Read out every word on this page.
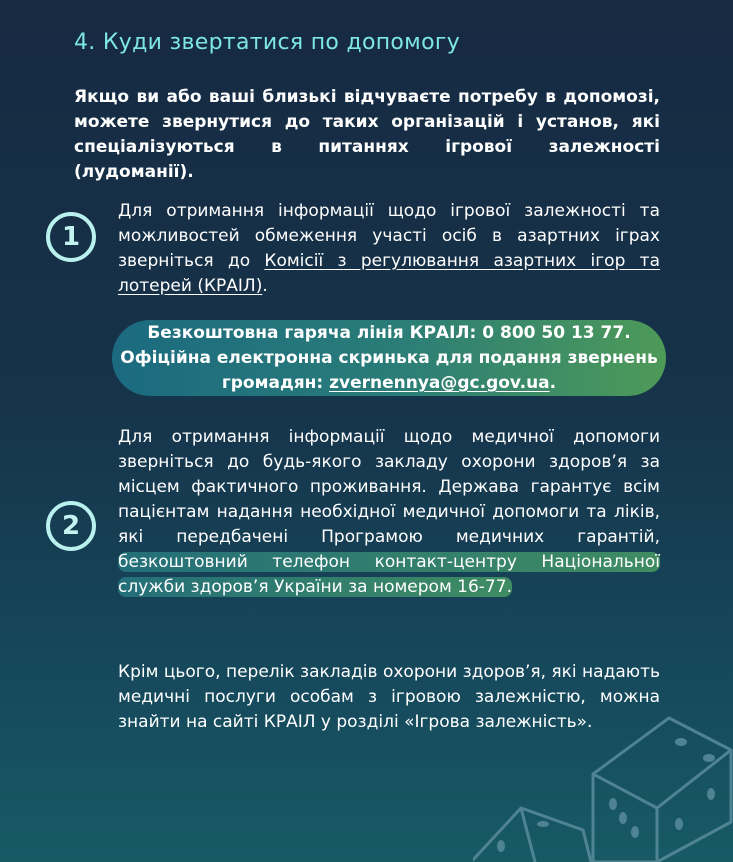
4. Куди звертатися по допомогу
Якщо ви або ваші близькі відчуваєте потребу в допомозі, можете звернутися до таких організацій і установ, які спеціалізуються в питаннях ігрової залежності (лудоманії).
1
Для отримання інформації щодо ігрової залежності та можливостей обмеження участі осіб в азартних іграх зверніться до Комісії з регулювання азартних ігор та лотерей (КРАІЛ).
Безкоштовна гаряча лінія КРАІЛ: 0 800 50 13 77.
Офіційна електронна скринька для подання звернень
громадян: zvernennya@gc.gov.ua.
2
Для отримання інформації щодо медичної допомоги зверніться до будь-якого закладу охорони здоров’я за місцем фактичного проживання. Держава гарантує всім пацієнтам надання необхідної медичної допомоги та ліків, які передбачені Програмою медичних гарантій, безкоштовний телефон контакт-центру Національної служби здоров’я України за номером 16-77.
Крім цього, перелік закладів охорони здоров’я, які надають медичні послуги особам з ігровою залежністю, можна знайти на сайті КРАІЛ у розділі «Ігрова залежність».
